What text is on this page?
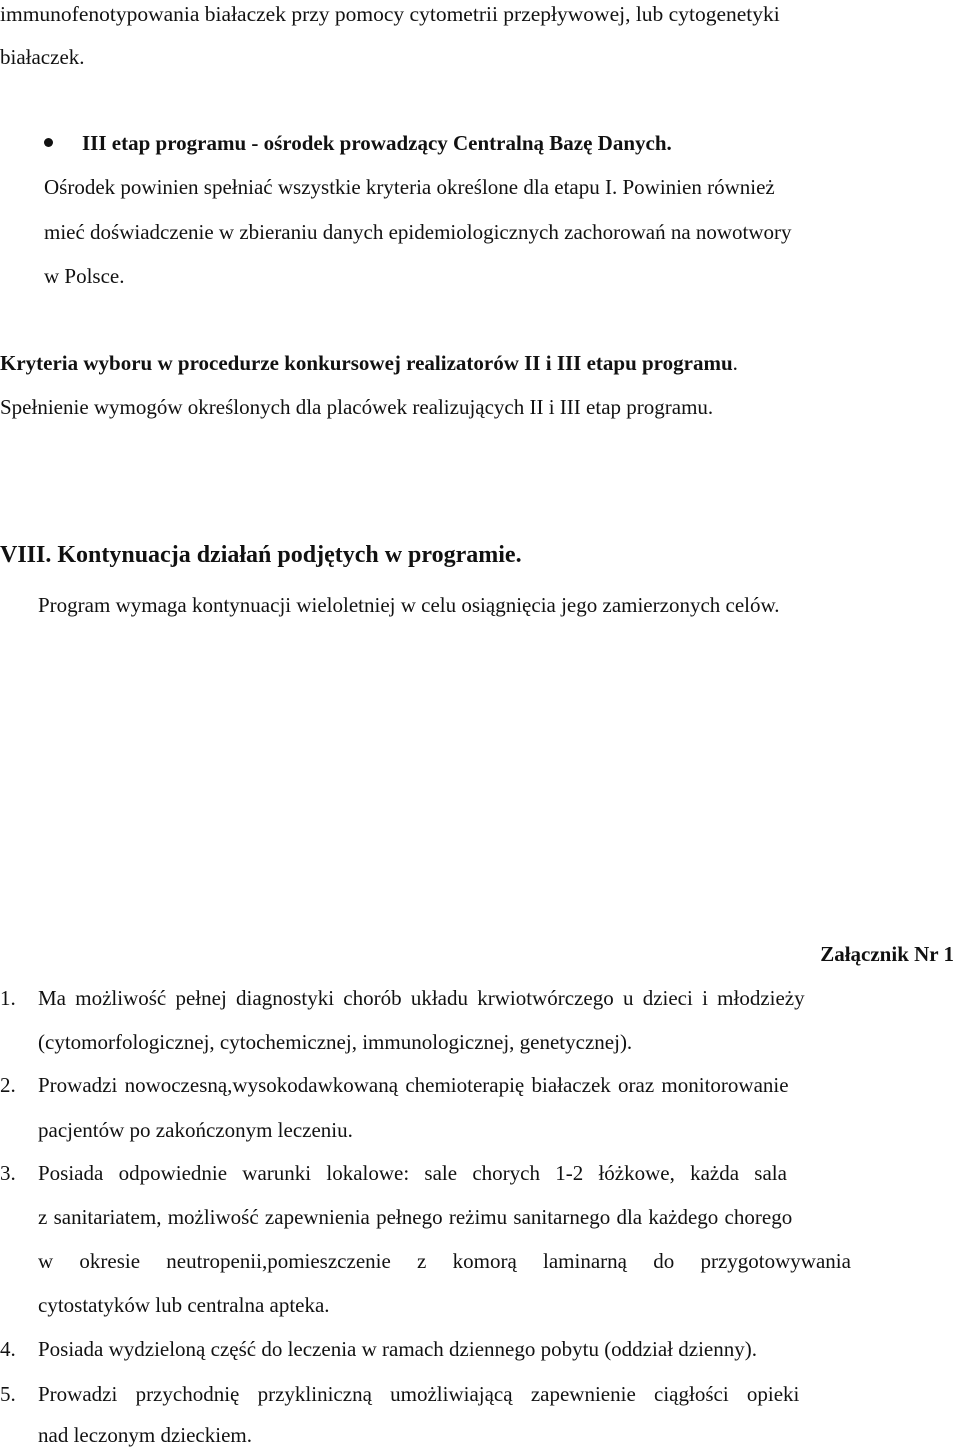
immunofenotypowania białaczek przy pomocy cytometrii przepływowej, lub cytogenetyki
białaczek.
III etap programu - ośrodek prowadzący Centralną Bazę Danych.
Ośrodek powinien spełniać wszystkie kryteria określone dla etapu I. Powinien również
mieć doświadczenie w zbieraniu danych epidemiologicznych zachorowań na nowotwory
w Polsce.
Kryteria wyboru w procedurze konkursowej realizatorów II i III etapu programu.
Spełnienie wymogów określonych dla placówek realizujących II i III etap programu.
VIII. Kontynuacja działań podjętych w programie.
Program wymaga kontynuacji wieloletniej w celu osiągnięcia jego zamierzonych celów.
Załącznik Nr 1
1. Ma możliwość pełnej diagnostyki chorób układu krwiotwórczego u dzieci i młodzieży
(cytomorfologicznej, cytochemicznej, immunologicznej, genetycznej).
2. Prowadzi nowoczesną,wysokodawkowaną chemioterapię białaczek oraz monitorowanie
pacjentów po zakończonym leczeniu.
3. Posiada odpowiednie warunki lokalowe: sale chorych 1-2 łóżkowe, każda sala
z sanitariatem, możliwość zapewnienia pełnego reżimu sanitarnego dla każdego chorego
w okresie neutropenii,pomieszczenie z komorą laminarną do przygotowywania
cytostatyków lub centralna apteka.
4. Posiada wydzieloną część do leczenia w ramach dziennego pobytu (oddział dzienny).
5. Prowadzi przychodnię przykliniczną umożliwiającą zapewnienie ciągłości opieki
nad leczonym dzieckiem.
